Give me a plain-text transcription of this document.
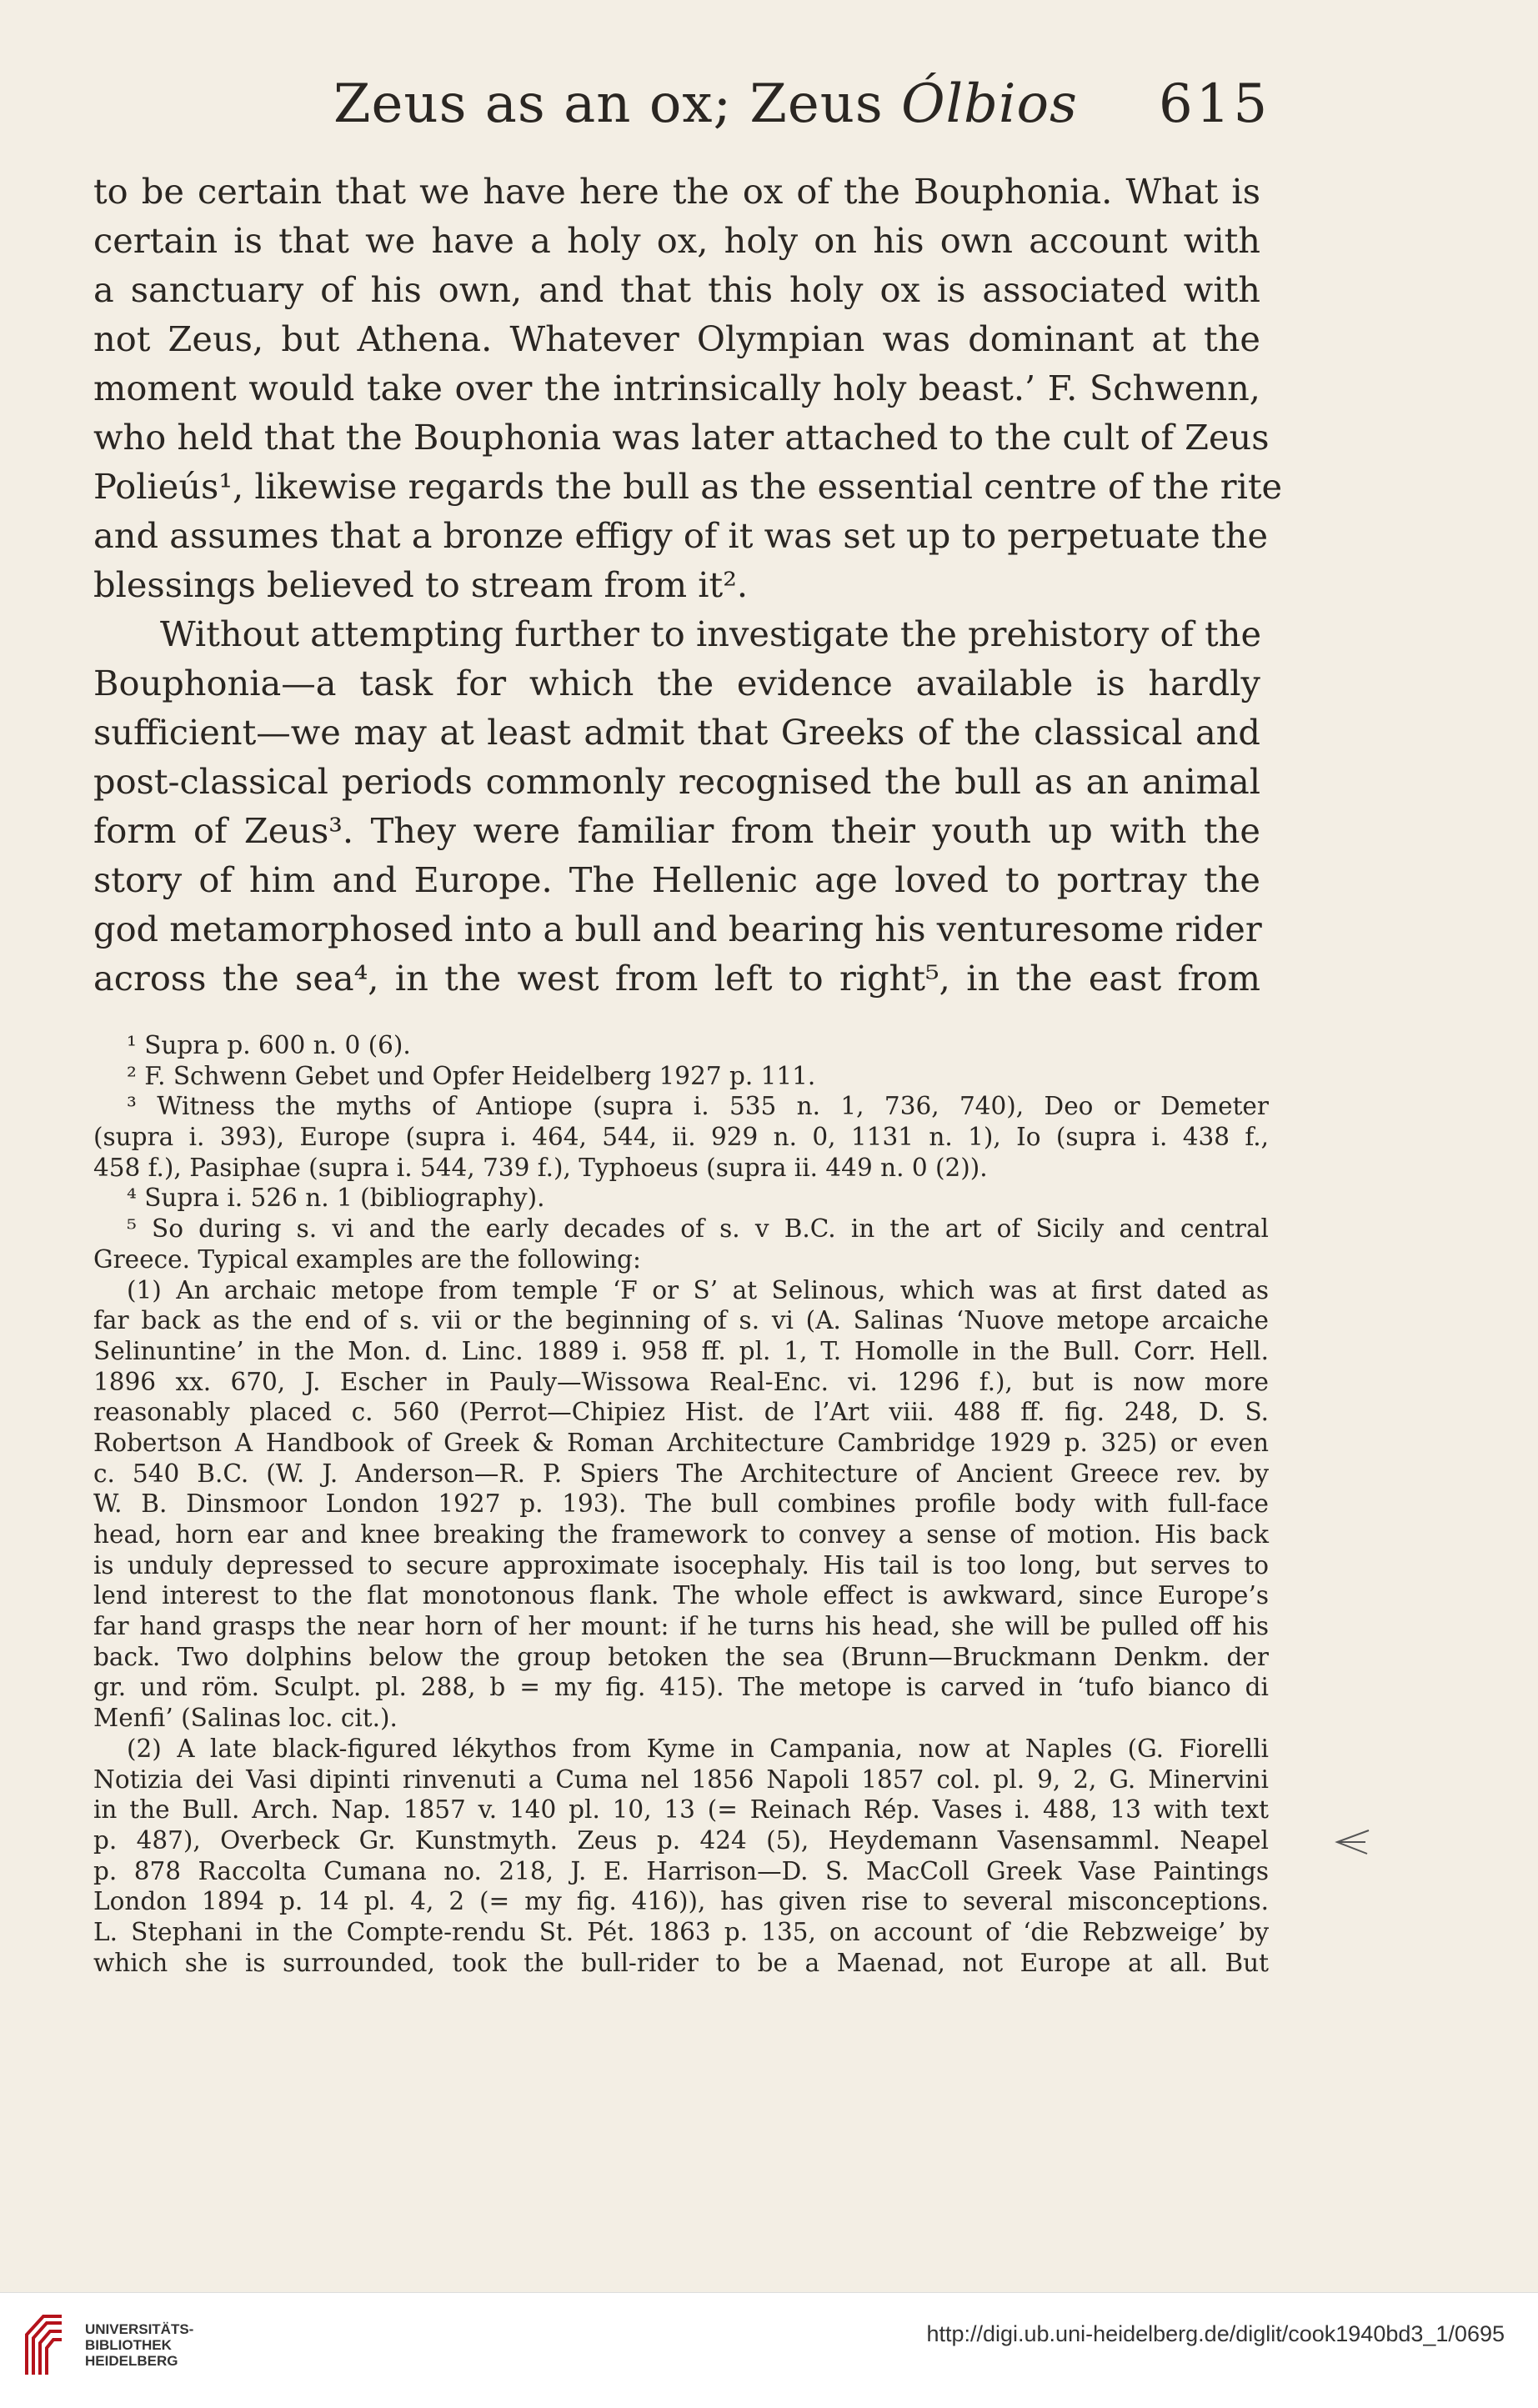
Zeus as an ox; Zeus Ólbios 615
to be certain that we have here the ox of the Bouphonia. What is
certain is that we have a holy ox, holy on his own account with
a sanctuary of his own, and that this holy ox is associated with
not Zeus, but Athena. Whatever Olympian was dominant at the
moment would take over the intrinsically holy beast.’ F. Schwenn,
who held that the Bouphonia was later attached to the cult of Zeus
Polieús¹, likewise regards the bull as the essential centre of the rite
and assumes that a bronze effigy of it was set up to perpetuate the
blessings believed to stream from it².
Without attempting further to investigate the prehistory of the
Bouphonia—a task for which the evidence available is hardly
sufficient—we may at least admit that Greeks of the classical and
post-classical periods commonly recognised the bull as an animal
form of Zeus³. They were familiar from their youth up with the
story of him and Europe. The Hellenic age loved to portray the
god metamorphosed into a bull and bearing his venturesome rider
across the sea⁴, in the west from left to right⁵, in the east from
¹ Supra p. 600 n. 0 (6).
² F. Schwenn Gebet und Opfer Heidelberg 1927 p. 111.
³ Witness the myths of Antiope (supra i. 535 n. 1, 736, 740), Deo or Demeter
(supra i. 393), Europe (supra i. 464, 544, ii. 929 n. 0, 1131 n. 1), Io (supra i. 438 f.,
458 f.), Pasiphae (supra i. 544, 739 f.), Typhoeus (supra ii. 449 n. 0 (2)).
⁴ Supra i. 526 n. 1 (bibliography).
⁵ So during s. vi and the early decades of s. v B.C. in the art of Sicily and central
Greece. Typical examples are the following:
(1) An archaic metope from temple ‘F or S’ at Selinous, which was at first dated as
far back as the end of s. vii or the beginning of s. vi (A. Salinas ‘Nuove metope arcaiche
Selinuntine’ in the Mon. d. Linc. 1889 i. 958 ff. pl. 1, T. Homolle in the Bull. Corr. Hell.
1896 xx. 670, J. Escher in Pauly—Wissowa Real-Enc. vi. 1296 f.), but is now more
reasonably placed c. 560 (Perrot—Chipiez Hist. de l’Art viii. 488 ff. fig. 248, D. S.
Robertson A Handbook of Greek & Roman Architecture Cambridge 1929 p. 325) or even
c. 540 B.C. (W. J. Anderson—R. P. Spiers The Architecture of Ancient Greece rev. by
W. B. Dinsmoor London 1927 p. 193). The bull combines profile body with full-face
head, horn ear and knee breaking the framework to convey a sense of motion. His back
is unduly depressed to secure approximate isocephaly. His tail is too long, but serves to
lend interest to the flat monotonous flank. The whole effect is awkward, since Europe’s
far hand grasps the near horn of her mount: if he turns his head, she will be pulled off his
back. Two dolphins below the group betoken the sea (Brunn—Bruckmann Denkm. der
gr. und röm. Sculpt. pl. 288, b = my fig. 415). The metope is carved in ‘tufo bianco di
Menfi’ (Salinas loc. cit.).
(2) A late black-figured lékythos from Kyme in Campania, now at Naples (G. Fiorelli
Notizia dei Vasi dipinti rinvenuti a Cuma nel 1856 Napoli 1857 col. pl. 9, 2, G. Minervini
in the Bull. Arch. Nap. 1857 v. 140 pl. 10, 13 (= Reinach Rép. Vases i. 488, 13 with text
p. 487), Overbeck Gr. Kunstmyth. Zeus p. 424 (5), Heydemann Vasensamml. Neapel
p. 878 Raccolta Cumana no. 218, J. E. Harrison—D. S. MacColl Greek Vase Paintings
London 1894 p. 14 pl. 4, 2 (= my fig. 416)), has given rise to several misconceptions.
L. Stephani in the Compte-rendu St. Pét. 1863 p. 135, on account of ‘die Rebzweige’ by
which she is surrounded, took the bull-rider to be a Maenad, not Europe at all. But
UNIVERSITÄTS-
BIBLIOTHEK
HEIDELBERG
http://digi.ub.uni-heidelberg.de/diglit/cook1940bd3_1/0695
